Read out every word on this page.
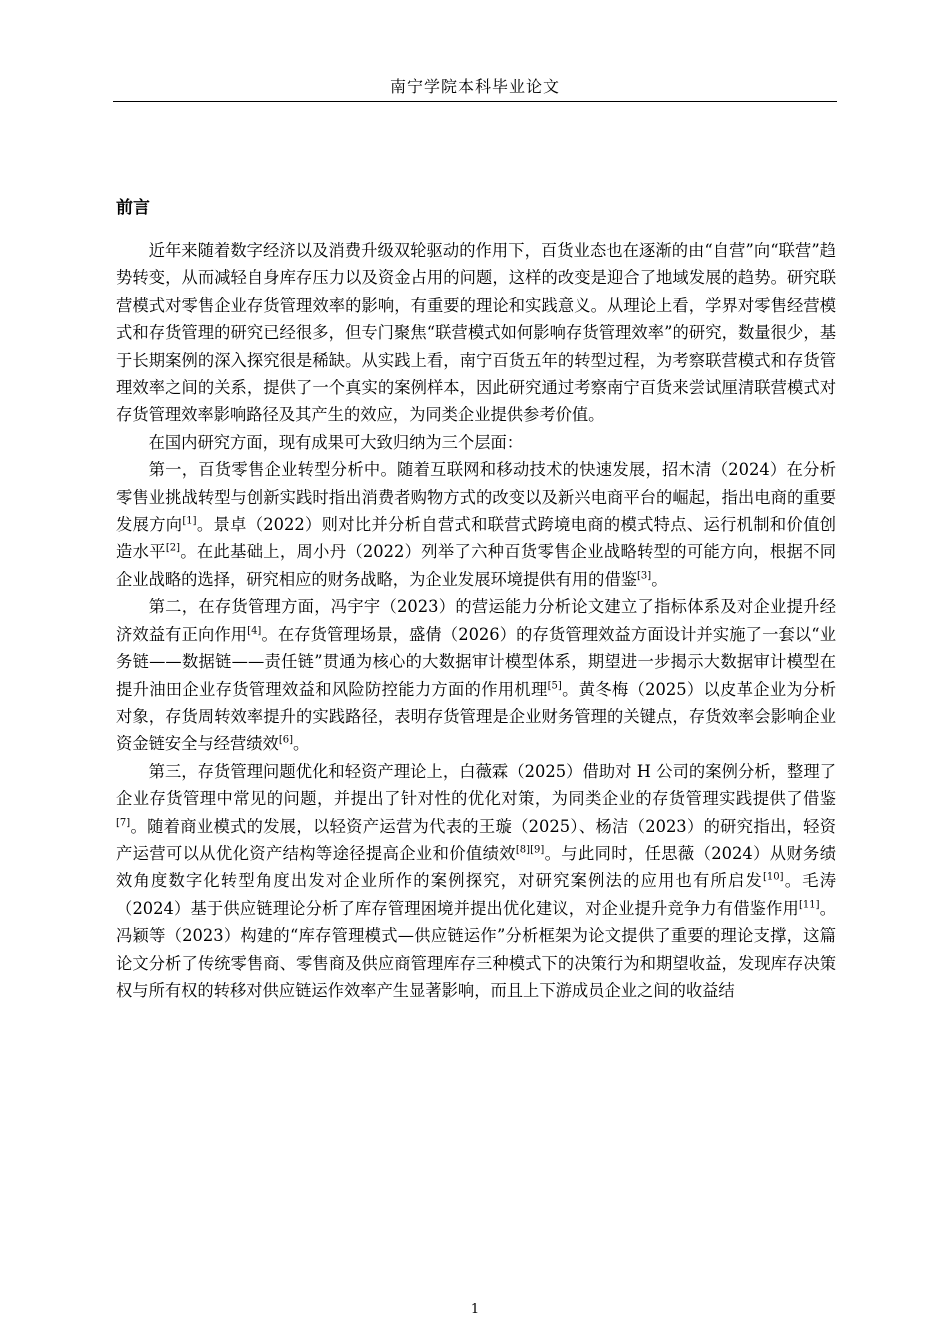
南宁学院本科毕业论文
前言

近年来随着数字经济以及消费升级双轮驱动的作用下，百货业态也在逐渐的由“自营”向“联营”趋势转变，从而减轻自身库存压力以及资金占用的问题，这样的改变是迎合了地域发展的趋势。研究联营模式对零售企业存货管理效率的影响，有重要的理论和实践意义。从理论上看，学界对零售经营模式和存货管理的研究已经很多，但专门聚焦“联营模式如何影响存货管理效率”的研究，数量很少，基于长期案例的深入探究很是稀缺。从实践上看，南宁百货五年的转型过程，为考察联营模式和存货管理效率之间的关系，提供了一个真实的案例样本，因此研究通过考察南宁百货来尝试厘清联营模式对存货管理效率影响路径及其产生的效应，为同类企业提供参考价值。

在国内研究方面，现有成果可大致归纳为三个层面：

第一，百货零售企业转型分析中。随着互联网和移动技术的快速发展，招木清（2024）在分析零售业挑战转型与创新实践时指出消费者购物方式的改变以及新兴电商平台的崛起，指出电商的重要发展方向[1]。景卓（2022）则对比并分析自营式和联营式跨境电商的模式特点、运行机制和价值创造水平[2]。在此基础上，周小丹（2022）列举了六种百货零售企业战略转型的可能方向，根据不同企业战略的选择，研究相应的财务战略，为企业发展环境提供有用的借鉴[3]。

第二，在存货管理方面，冯宇宇（2023）的营运能力分析论文建立了指标体系及对企业提升经济效益有正向作用[4]。在存货管理场景，盛倩（2026）的存货管理效益方面设计并实施了一套以“业务链——数据链——责任链”贯通为核心的大数据审计模型体系，期望进一步揭示大数据审计模型在提升油田企业存货管理效益和风险防控能力方面的作用机理[5]。黄冬梅（2025）以皮革企业为分析对象，存货周转效率提升的实践路径，表明存货管理是企业财务管理的关键点，存货效率会影响企业资金链安全与经营绩效[6]。

第三，存货管理问题优化和轻资产理论上，白薇霖（2025）借助对 H 公司的案例分析，整理了企业存货管理中常见的问题，并提出了针对性的优化对策，为同类企业的存货管理实践提供了借鉴[7]。随着商业模式的发展，以轻资产运营为代表的王璇（2025）、杨洁（2023）的研究指出，轻资产运营可以从优化资产结构等途径提高企业和价值绩效[8][9]。与此同时，任思薇（2024）从财务绩效角度数字化转型角度出发对企业所作的案例探究，对研究案例法的应用也有所启发[10]。毛涛（2024）基于供应链理论分析了库存管理困境并提出优化建议，对企业提升竞争力有借鉴作用[11]。冯颖等（2023）构建的“库存管理模式—供应链运作”分析框架为论文提供了重要的理论支撑，这篇论文分析了传统零售商、零售商及供应商管理库存三种模式下的决策行为和期望收益，发现库存决策权与所有权的转移对供应链运作效率产生显著影响，而且上下游成员企业之间的收益结

1
